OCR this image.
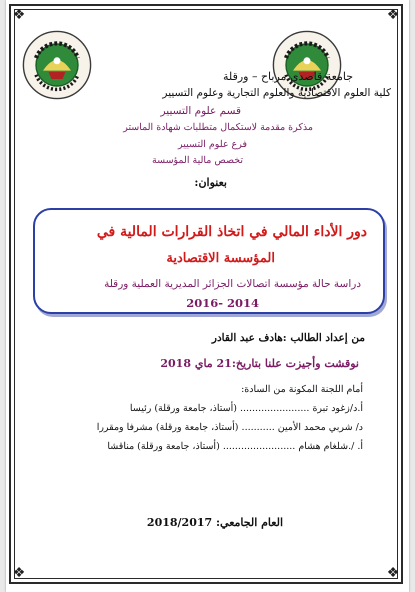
❖	❖
❖	❖
جامعة قاصدي مرباح – ورقلة
كلية العلوم الاقتصادية والعلوم التجارية وعلوم التسيير
قسم علوم التسيير
مذكرة مقدمة لاستكمال متطلبات شهادة الماستر
فرع علوم التسيير
تخصص مالية المؤسسة
بعنوان:
دور الأداء المالي في اتخاذ القرارات المالية في
المؤسسة الاقتصادية
دراسة حالة مؤسسة اتصالات الجزائر المديرية العملية ورقلة
2014 -2016
من إعداد الطالب :هادف عبد القادر
نوقشت وأجيزت علنا بتاريخ:21 ماي 2018
أمام اللجنة المكونة من السادة:
أ.د/زغود تبرة ....................... (أستاذ، جامعة ورقلة) رئيسا
د/ شربي محمد الأمين ........... (أستاذ، جامعة ورقلة) مشرفا ومقررا
أ. /.شلغام هشام ........................ (أستاذ، جامعة ورقلة) مناقشا
العام الجامعي: 2018/2017
